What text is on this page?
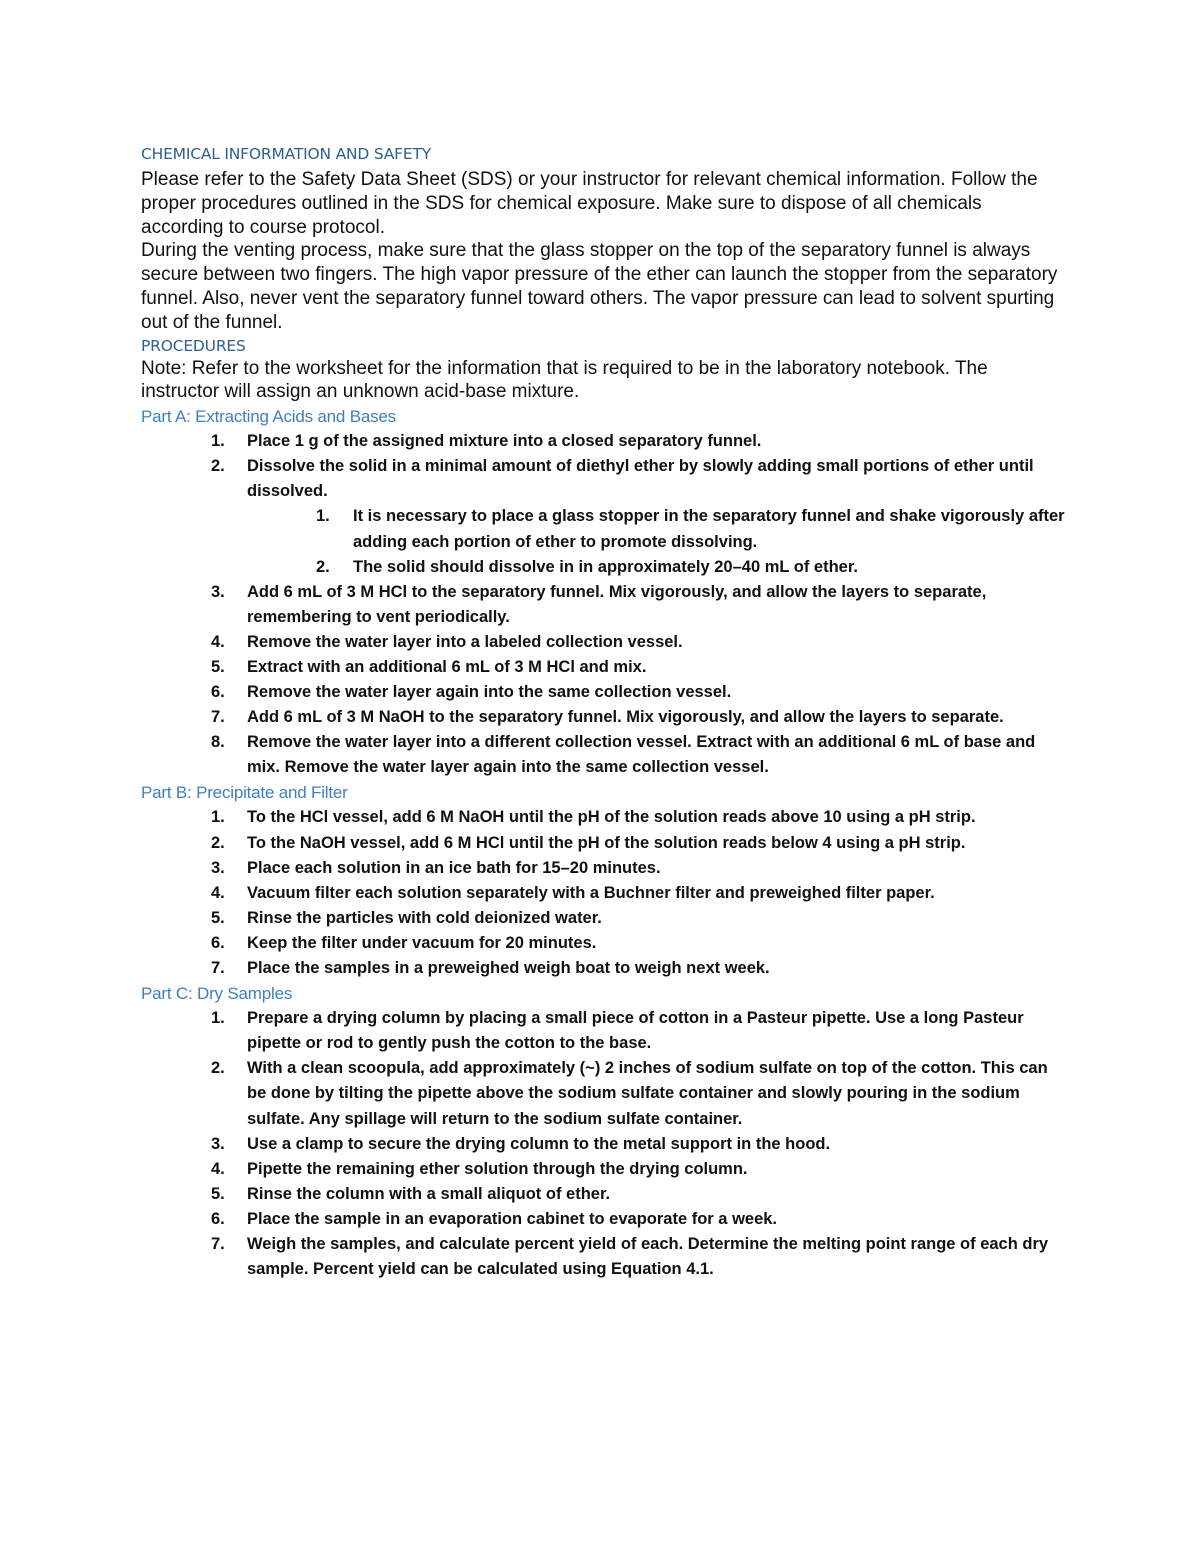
CHEMICAL INFORMATION AND SAFETY

Please refer to the Safety Data Sheet (SDS) or your instructor for relevant chemical information. Follow the proper procedures outlined in the SDS for chemical exposure. Make sure to dispose of all chemicals according to course protocol.

During the venting process, make sure that the glass stopper on the top of the separatory funnel is always secure between two fingers. The high vapor pressure of the ether can launch the stopper from the separatory funnel. Also, never vent the separatory funnel toward others. The vapor pressure can lead to solvent spurting out of the funnel.

PROCEDURES

Note: Refer to the worksheet for the information that is required to be in the laboratory notebook. The instructor will assign an unknown acid-base mixture.

Part A: Extracting Acids and Bases
1. Place 1 g of the assigned mixture into a closed separatory funnel.
2. Dissolve the solid in a minimal amount of diethyl ether by slowly adding small portions of ether until dissolved.
1. It is necessary to place a glass stopper in the separatory funnel and shake vigorously after adding each portion of ether to promote dissolving.
2. The solid should dissolve in in approximately 20–40 mL of ether.
3. Add 6 mL of 3 M HCl to the separatory funnel. Mix vigorously, and allow the layers to separate, remembering to vent periodically.
4. Remove the water layer into a labeled collection vessel.
5. Extract with an additional 6 mL of 3 M HCl and mix.
6. Remove the water layer again into the same collection vessel.
7. Add 6 mL of 3 M NaOH to the separatory funnel. Mix vigorously, and allow the layers to separate.
8. Remove the water layer into a different collection vessel. Extract with an additional 6 mL of base and mix. Remove the water layer again into the same collection vessel.
Part B: Precipitate and Filter
1. To the HCl vessel, add 6 M NaOH until the pH of the solution reads above 10 using a pH strip.
2. To the NaOH vessel, add 6 M HCl until the pH of the solution reads below 4 using a pH strip.
3. Place each solution in an ice bath for 15–20 minutes.
4. Vacuum filter each solution separately with a Buchner filter and preweighed filter paper.
5. Rinse the particles with cold deionized water.
6. Keep the filter under vacuum for 20 minutes.
7. Place the samples in a preweighed weigh boat to weigh next week.
Part C: Dry Samples
1. Prepare a drying column by placing a small piece of cotton in a Pasteur pipette. Use a long Pasteur pipette or rod to gently push the cotton to the base.
2. With a clean scoopula, add approximately (~) 2 inches of sodium sulfate on top of the cotton. This can be done by tilting the pipette above the sodium sulfate container and slowly pouring in the sodium sulfate. Any spillage will return to the sodium sulfate container.
3. Use a clamp to secure the drying column to the metal support in the hood.
4. Pipette the remaining ether solution through the drying column.
5. Rinse the column with a small aliquot of ether.
6. Place the sample in an evaporation cabinet to evaporate for a week.
7. Weigh the samples, and calculate percent yield of each. Determine the melting point range of each dry sample. Percent yield can be calculated using Equation 4.1.
